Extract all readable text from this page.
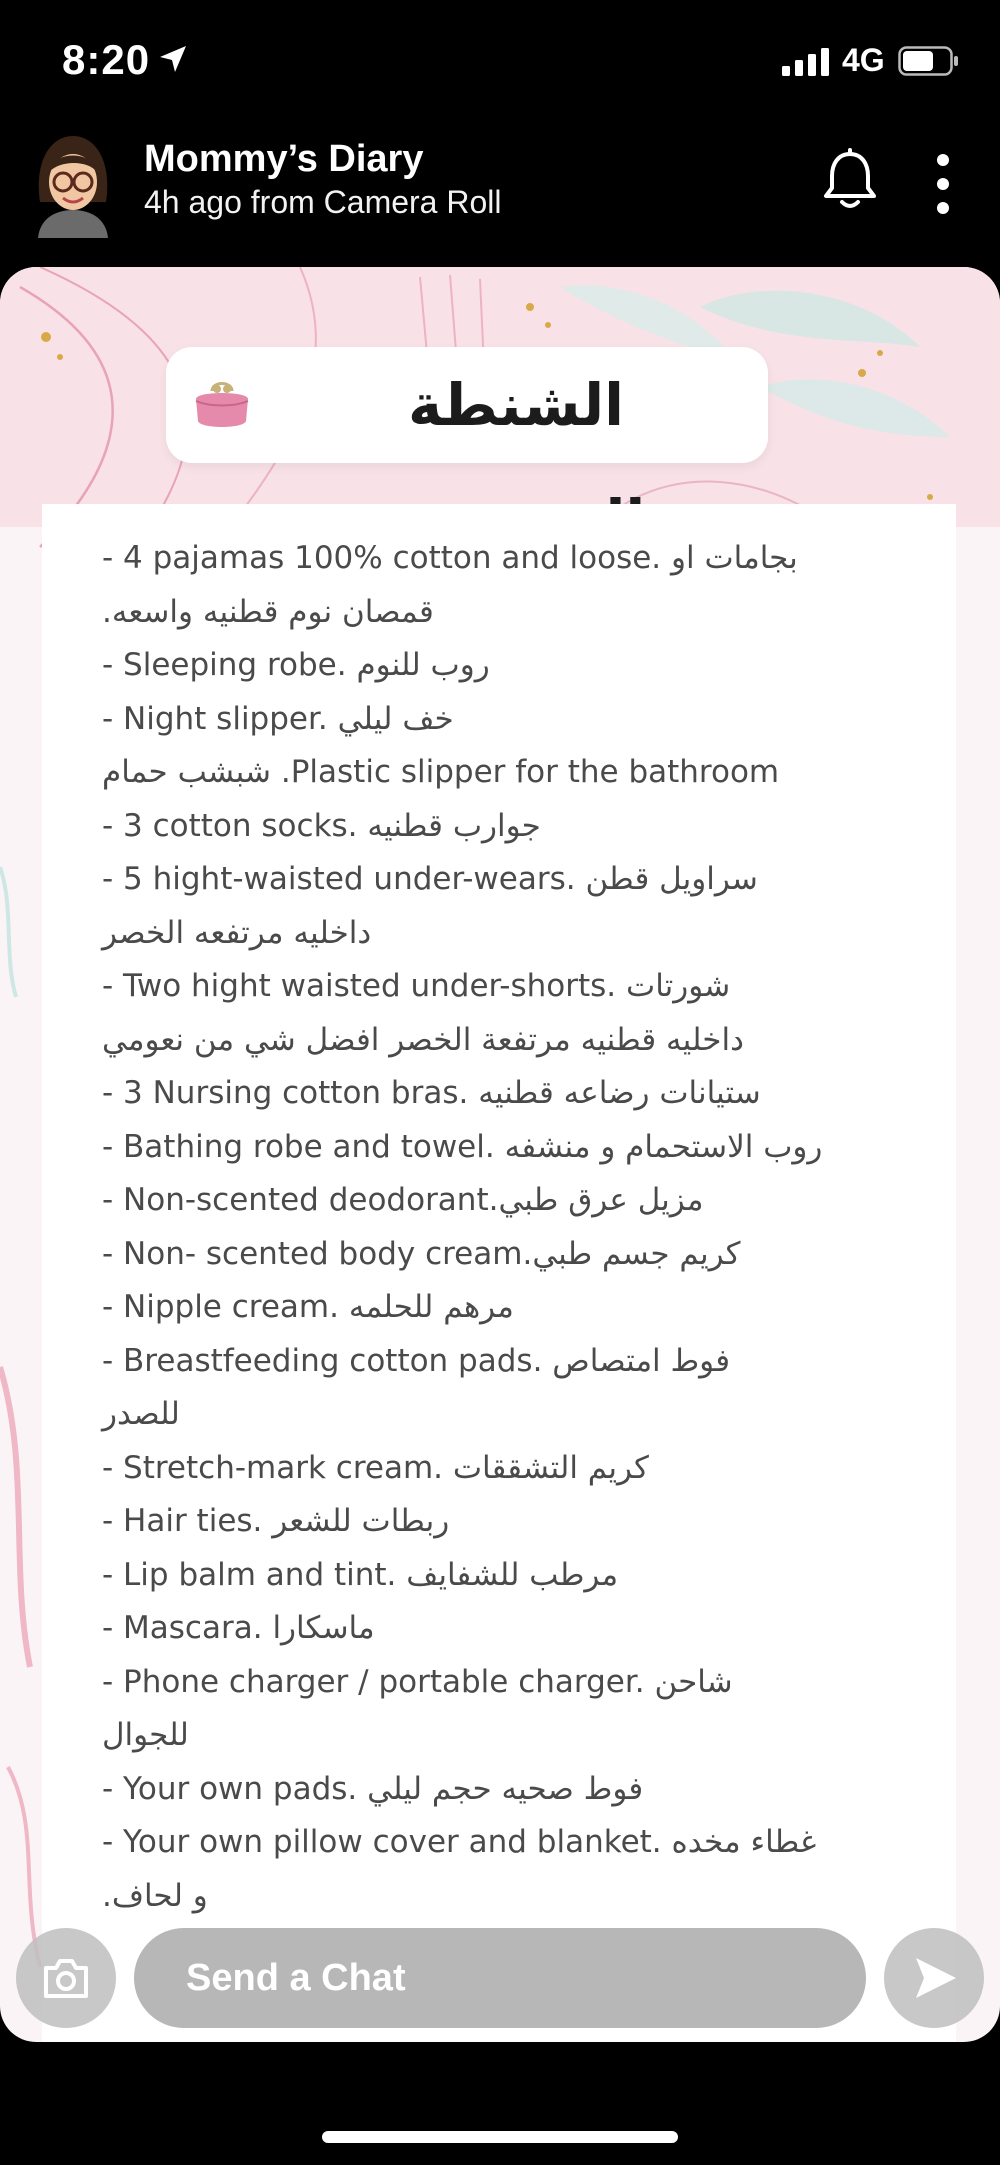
8:20	4G
Mommy’s Diary
4h ago from Camera Roll
الشنطة
- 4 pajamas 100% cotton and loose. بجامات او
قمصان نوم قطنيه واسعه.
- Sleeping robe. روب للنوم
- Night slipper. خف ليلي
شبشب حمام .Plastic slipper for the bathroom
- 3 cotton socks. جوارب قطنيه
- 5 hight-waisted under-wears. سراويل قطن
داخليه مرتفعه الخصر
- Two hight waisted under-shorts. شورتات
داخليه قطنيه مرتفعة الخصر افضل شي من نعومي
- 3 Nursing cotton bras. ستيانات رضاعه قطنيه
- Bathing robe and towel. روب الاستحمام و منشفه
- Non-scented deodorant.مزيل عرق طبي
- Non- scented body cream.كريم جسم طبي
- Nipple cream. مرهم للحلمه
- Breastfeeding cotton pads. فوط امتصاص
للصدر
- Stretch-mark cream. كريم التشققات
- Hair ties. ربطات للشعر
- Lip balm and tint. مرطب للشفايف
- Mascara. ماسكارا
- Phone charger / portable charger. شاحن
للجوال
- Your own pads. فوط صحيه حجم ليلي
- Your own pillow cover and blanket. غطاء مخده
و لحاف.
Send a Chat
